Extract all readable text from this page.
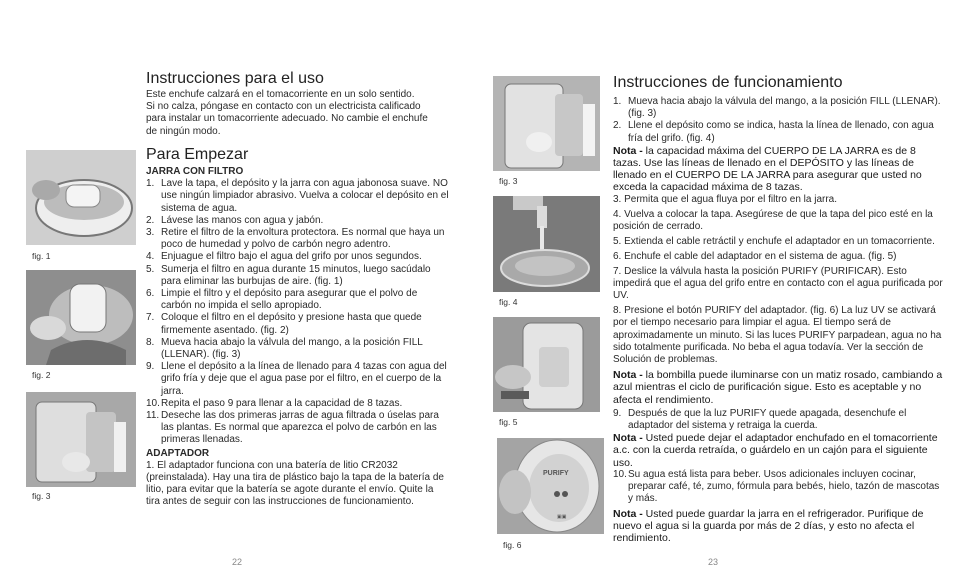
fig. 1
fig. 2
fig. 3
Instrucciones para el uso

Este enchufe calzará en el tomacorriente en un solo sentido.

Si no calza, póngase en contacto con un electricista calificado

para instalar un tomacorriente adecuado. No cambie el enchufe

de ningún modo.

Para Empezar

JARRA CON FILTRO

1. Lave la tapa, el depósito y la jarra con agua jabonosa suave. NO use ningún limpiador abrasivo. Vuelva a colocar el depósito en el sistema de agua.
2. Lávese las manos con agua y jabón.
3. Retire el filtro de la envoltura protectora. Es normal que haya un poco de humedad y polvo de carbón negro adentro.
4. Enjuague el filtro bajo el agua del grifo por unos segundos.
5. Sumerja el filtro en agua durante 15 minutos, luego sacúdalo para eliminar las burbujas de aire. (fig. 1)
6. Limpie el filtro y el depósito para asegurar que el polvo de carbón no impida el sello apropiado.
7. Coloque el filtro en el depósito y presione hasta que quede firmemente asentado. (fig. 2)
8. Mueva hacia abajo la válvula del mango, a la posición FILL (LLENAR). (fig. 3)
9. Llene el depósito a la línea de llenado para 4 tazas con agua del grifo fría y deje que el agua pase por el filtro, en el cuerpo de la jarra.
10. Repita el paso 9 para llenar a la capacidad de 8 tazas.
11. Deseche las dos primeras jarras de agua filtrada o úselas para las plantas. Es normal que aparezca el polvo de carbón en las primeras llenadas.

ADAPTADOR

1. El adaptador funciona con una batería de litio CR2032 (preinstalada). Hay una tira de plástico bajo la tapa de la batería de litio, para evitar que la batería se agote durante el envío. Quite la tira antes de seguir con las instrucciones de funcionamiento.

22
fig. 3
fig. 4
fig. 5
▣▣
PURIFY
fig. 6
Instrucciones de funcionamiento
1. Mueva hacia abajo la válvula del mango, a la posición FILL (LLENAR). (fig. 3)
2. Llene el depósito como se indica, hasta la línea de llenado, con agua fría del grifo. (fig. 4)

Nota - la capacidad máxima del CUERPO DE LA JARRA es de 8 tazas. Use las líneas de llenado en el DEPÓSITO y las líneas de llenado en el CUERPO DE LA JARRA para asegurar que usted no exceda la capacidad máxima de 8 tazas.

3. Permita que el agua fluya por el filtro en la jarra.

4. Vuelva a colocar la tapa. Asegúrese de que la tapa del pico esté en la posición de cerrado.

5. Extienda el cable retráctil y enchufe el adaptador en un tomacorriente.

6. Enchufe el cable del adaptador en el sistema de agua. (fig. 5)

7. Deslice la válvula hasta la posición PURIFY (PURIFICAR). Esto impedirá que el agua del grifo entre en contacto con el agua purificada por UV.

8. Presione el botón PURIFY del adaptador. (fig. 6) La luz UV se activará por el tiempo necesario para limpiar el agua. El tiempo será de aproximadamente un minuto. Si las luces PURIFY parpadean, agua no ha sido totalmente purificada. No beba el agua todavía. Ver la sección de Solución de problemas.

Nota - la bombilla puede iluminarse con un matiz rosado, cambiando a azul mientras el ciclo de purificación sigue. Esto es aceptable y no afecta el rendimiento.

9. Después de que la luz PURIFY quede apagada, desenchufe el adaptador del sistema y retraiga la cuerda.

Nota - Usted puede dejar el adaptador enchufado en el tomacorriente a.c. con la cuerda retraída, o guárdelo en un cajón para el siguiente uso.

10. Su agua está lista para beber. Usos adicionales incluyen cocinar, preparar café, té, zumo, fórmula para bebés, hielo, tazón de mascotas y más.

Nota - Usted puede guardar la jarra en el refrigerador. Purifique de nuevo el agua si la guarda por más de 2 días, y esto no afecta el rendimiento.

23
